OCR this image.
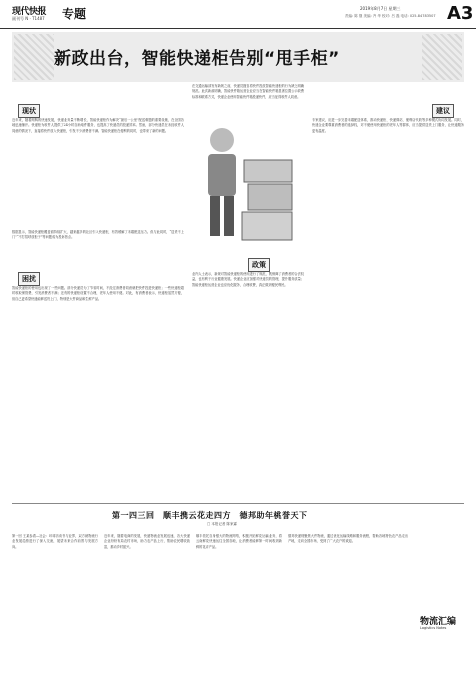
现代快报
副刊号 N · T1487 专题	2019年8月7日 星期三
责编: 陈 继 美编: 齐 华 校对: 吕 磊 电话: 025-84783507 A3
新政出台，智能快递柜告别“甩手柜”
现状
近年来，随着网购的快速发展，快递业务量不断增长，智能快递柜作为解决“最后一公里”配送难题的重要设施，在全国各地迅速铺开。快递柜为收件人提供了24小时自助取件服务，也提高了快递员的投递效率。然而，部分快递员在未经收件人同意的情况下，直接将快件放入快递柜，引发不少消费者不满。智能快递柜在便利的同时，也带来了新的问题。
数据显示，智能快递柜覆盖面持续扩大，越来越多的社区引入快递柜，有效缓解了末端配送压力。但与此同时，“送货不上门”“不打招呼放柜子”等问题成为投诉热点。
困扰
智能快递柜的使用也出现了一些问题。部分快递员为了节省时间，不经过消费者同意就把快件投进快递柜；一些快递柜超时收取保管费，引发消费者不满；还有的快递柜设置不合理，老年人使用不便。对此，有消费者表示，快递柜虽然方便，但自己更希望快递能够送货上门，特别是大件商品和生鲜产品。
在交通运输部发布新规之前，快递员擅自将快件投放智能快递柜的行为缺乏明确规范。此次新政明确，智能快件箱运营企业应当在智能快件箱显著位置公示收费标准和联系方式，快递企业使用智能快件箱投递快件，应当征得收件人同意。
政策
业内人士表示，新规对智能快递柜的使用进行了规范，既保障了消费者的合法权益，也有利于行业健康发展。快递企业应加强对快递员的管理，提升服务质量；智能快递柜运营企业也应优化服务，合理收费，真正做到便民利民。
建议
专家建议，应进一步完善末端配送体系，推动快递柜、快递驿站、便利店代收等多种模式协同发展。同时，快递企业要尊重消费者的选择权，对不便使用快递柜的老年人等群体，应当提供送货上门服务，让快递服务更有温度。
第一四三回　顺丰携云花走四方　德邦助年桃誉天下
□ 本报记者 陈家霖
第一回 王某参看—社会：环球访谈书与业界，双方就物流行业发展趋势进行了深入交流，展望未来合作前景与发展方向。
近年来，随着电商的发展，快递物流业发展迅速，各大快递企业纷纷布局农村市场，助力农产品上行，帮助农民增收致富，推动乡村振兴。
顺丰依托自身强大的物流网络，积极开拓鲜花运输业务，将云南鲜花快速运往全国各地，让消费者能够第一时间收到新鲜的花卉产品。
德邦快递则聚焦大件物流，通过优化运输线路和服务流程，帮助各地特色农产品走出产地，走向全国市场，受到了广大农户的欢迎。
物流汇编
Logistics Notes
